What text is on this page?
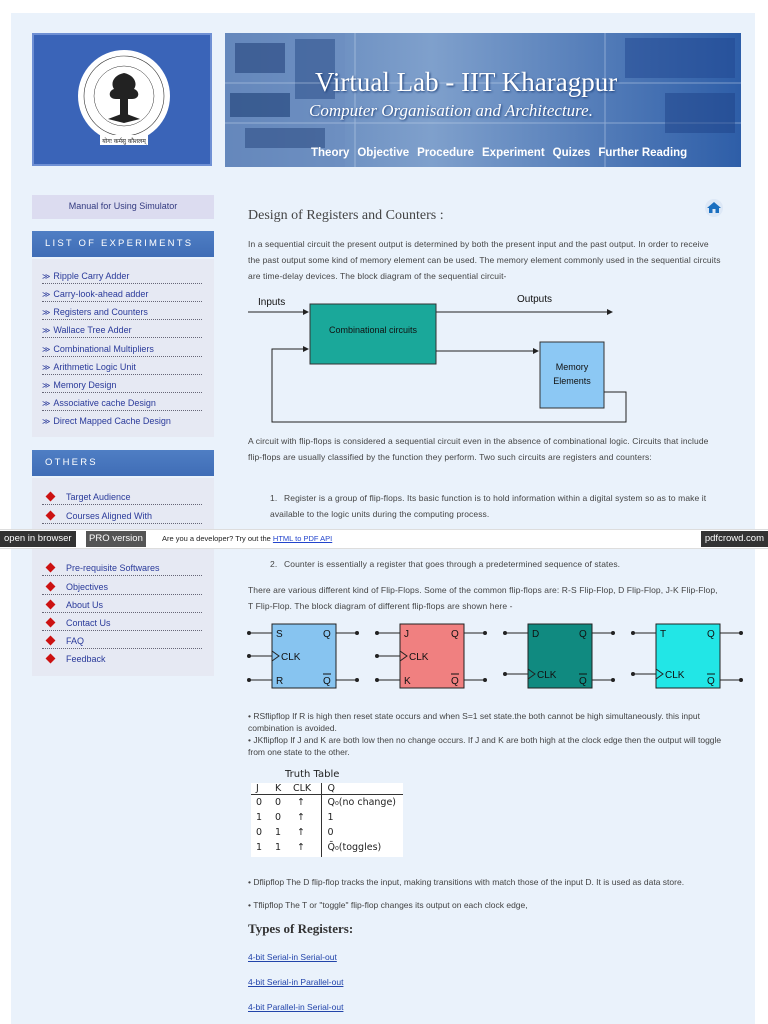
योगः कर्मसु कौशलम्
Virtual Lab - IIT Kharagpur
Computer Organisation and Architecture.
Theory Objective Procedure Experiment Quizes Further Reading
Manual for Using Simulator
LIST OF EXPERIMENTS
≫ Ripple Carry Adder
≫ Carry-look-ahead adder
≫ Registers and Counters
≫ Wallace Tree Adder
≫ Combinational Multipliers
≫ Arithmetic Logic Unit
≫ Memory Design
≫ Associative cache Design
≫ Direct Mapped Cache Design
OTHERS
Target Audience
Courses Aligned With
Pre-requisite Softwares
Objectives
About Us
Contact Us
FAQ
Feedback
Design of Registers and Counters :
In a sequential circuit the present output is determined by both the present input and the past output. In order to receive the past output some kind of memory element can be used. The memory element commonly used in the sequential circuits are time-delay devices. The block diagram of the sequential circuit-
Inputs	Outputs
Combinational circuits
Memory
Elements
A circuit with flip-flops is considered a sequential circuit even in the absence of combinational logic. Circuits that include flip-flops are usually classified by the function they perform. Two such circuits are registers and counters:
1. Register is a group of flip-flops. Its basic function is to hold information within a digital system so as to make it available to the logic units during the computing process.
2. Counter is essentially a register that goes through a predetermined sequence of states.
There are various different kind of Flip-Flops. Some of the common flip-flops are: R-S Flip-Flop, D Flip-Flop, J-K Flip-Flop, T Flip-Flop. The block diagram of different flip-flops are shown here -
S
CLK
R
Q
Q
J
CLK
K
Q
Q
D
CLK
Q
Q
T
CLK
Q
Q
• RSflipflop If R is high then reset state occurs and when S=1 set state.the both cannot be high simultaneously. this input combination is avoided.
• JKflipflop If J and K are both low then no change occurs. If J and K are both high at the clock edge then the output will toggle from one state to the other.
Truth Table
J	K	CLK	Q
0	0	↑	Q₀(no change)
1	0	↑	1
0	1	↑	0
1	1	↑	Q̄₀(toggles)
• Dflipflop The D flip-flop tracks the input, making transitions with match those of the input D. It is used as data store.
• Tflipflop The T or "toggle" flip-flop changes its output on each clock edge,
Types of Registers:
4-bit Serial-in Serial-out
4-bit Serial-in Parallel-out
4-bit Parallel-in Serial-out
open in browser	PRO version	Are you a developer? Try out the HTML to PDF API	pdfcrowd.com
